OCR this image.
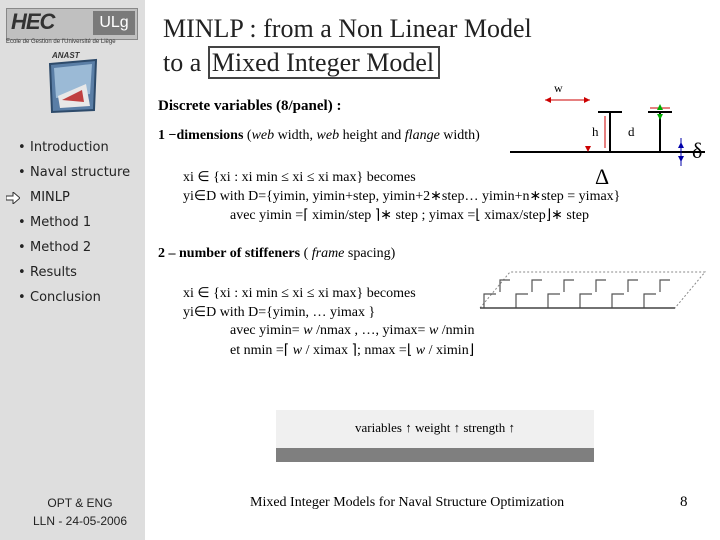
HEC	ULg
Ecole de Gestion de l'Université de Liège
ANAST
• Introduction
• Naval structure
MINLP
• Method 1
• Method 2
• Results
• Conclusion
OPT & ENG
LLN - 24-05-2006
MINLP : from a Non Linear Model
to a Mixed Integer Model
Discrete variables (8/panel) :
1 −dimensions (web width, web height and flange width)
xi ∈ {xi : xi min ≤ xi ≤ xi max} becomes
yi∈D with D={yimin, yimin+step, yimin+2∗step… yimin+n∗step = yimax}
avec yimin =⌈ ximin/step ⌉∗ step ; yimax =⌊ ximax/step⌋∗ step
2 – number of stiffeners ( frame spacing)
xi ∈ {xi : xi min ≤ xi ≤ xi max} becomes
yi∈D with D={yimin, … yimax }
avec yimin= w /nmax , …, yimax= w /nmin
et nmin =⌈ w / ximax ⌉; nmax =⌊ w / ximin⌋
w
h d
Δ
δ
variables ↑ weight ↑ strength ↑
Mixed Integer Models for Naval Structure Optimization	8
